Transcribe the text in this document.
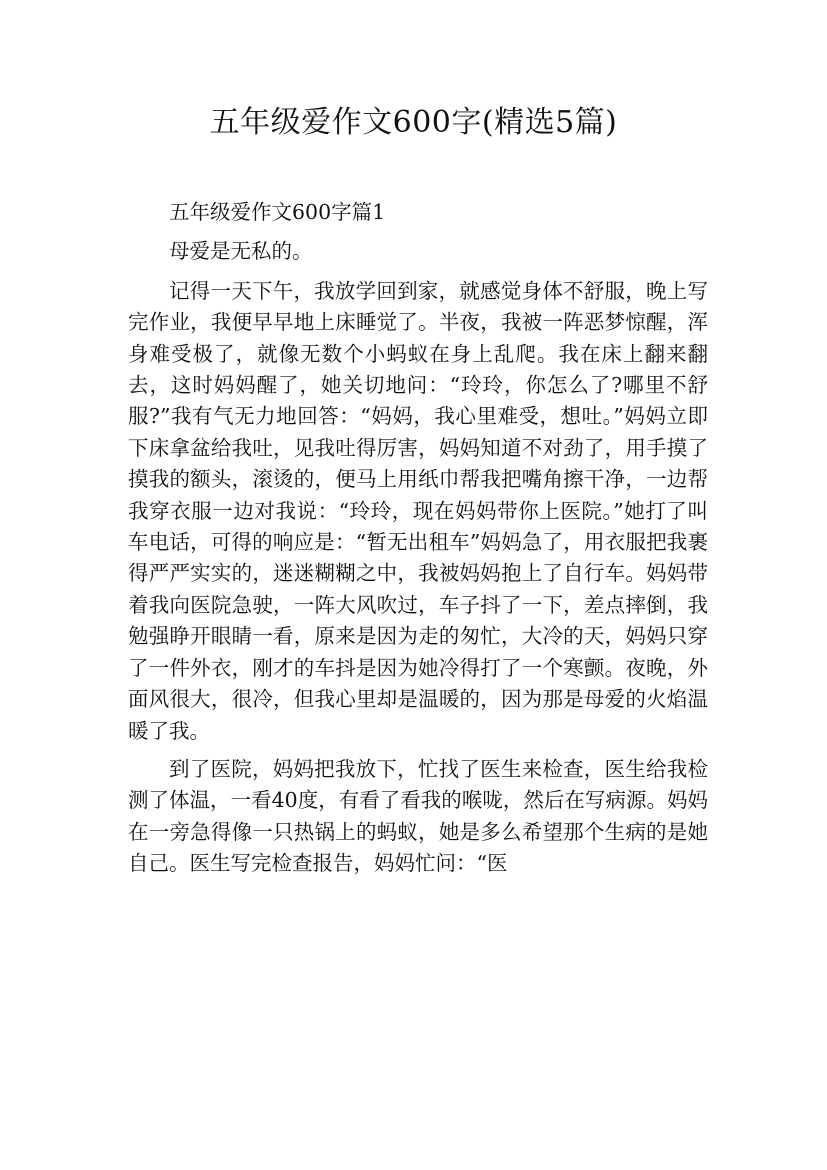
五年级爱作文600字(精选5篇)

五年级爱作文600字篇1

母爱是无私的。

记得一天下午，我放学回到家，就感觉身体不舒服，晚上写完作业，我便早早地上床睡觉了。半夜，我被一阵恶梦惊醒，浑身难受极了，就像无数个小蚂蚁在身上乱爬。我在床上翻来翻去，这时妈妈醒了，她关切地问：“玲玲，你怎么了?哪里不舒服?”我有气无力地回答：“妈妈，我心里难受，想吐。”妈妈立即下床拿盆给我吐，见我吐得厉害，妈妈知道不对劲了，用手摸了摸我的额头，滚烫的，便马上用纸巾帮我把嘴角擦干净，一边帮我穿衣服一边对我说：“玲玲，现在妈妈带你上医院。”她打了叫车电话，可得的响应是：“暂无出租车”妈妈急了，用衣服把我裹得严严实实的，迷迷糊糊之中，我被妈妈抱上了自行车。妈妈带着我向医院急驶，一阵大风吹过，车子抖了一下，差点摔倒，我勉强睁开眼睛一看，原来是因为走的匆忙，大冷的天，妈妈只穿了一件外衣，刚才的车抖是因为她冷得打了一个寒颤。夜晚，外面风很大，很冷，但我心里却是温暖的，因为那是母爱的火焰温暖了我。

到了医院，妈妈把我放下，忙找了医生来检查，医生给我检测了体温，一看40度，有看了看我的喉咙，然后在写病源。妈妈在一旁急得像一只热锅上的蚂蚁，她是多么希望那个生病的是她自己。医生写完检查报告，妈妈忙问：“医
